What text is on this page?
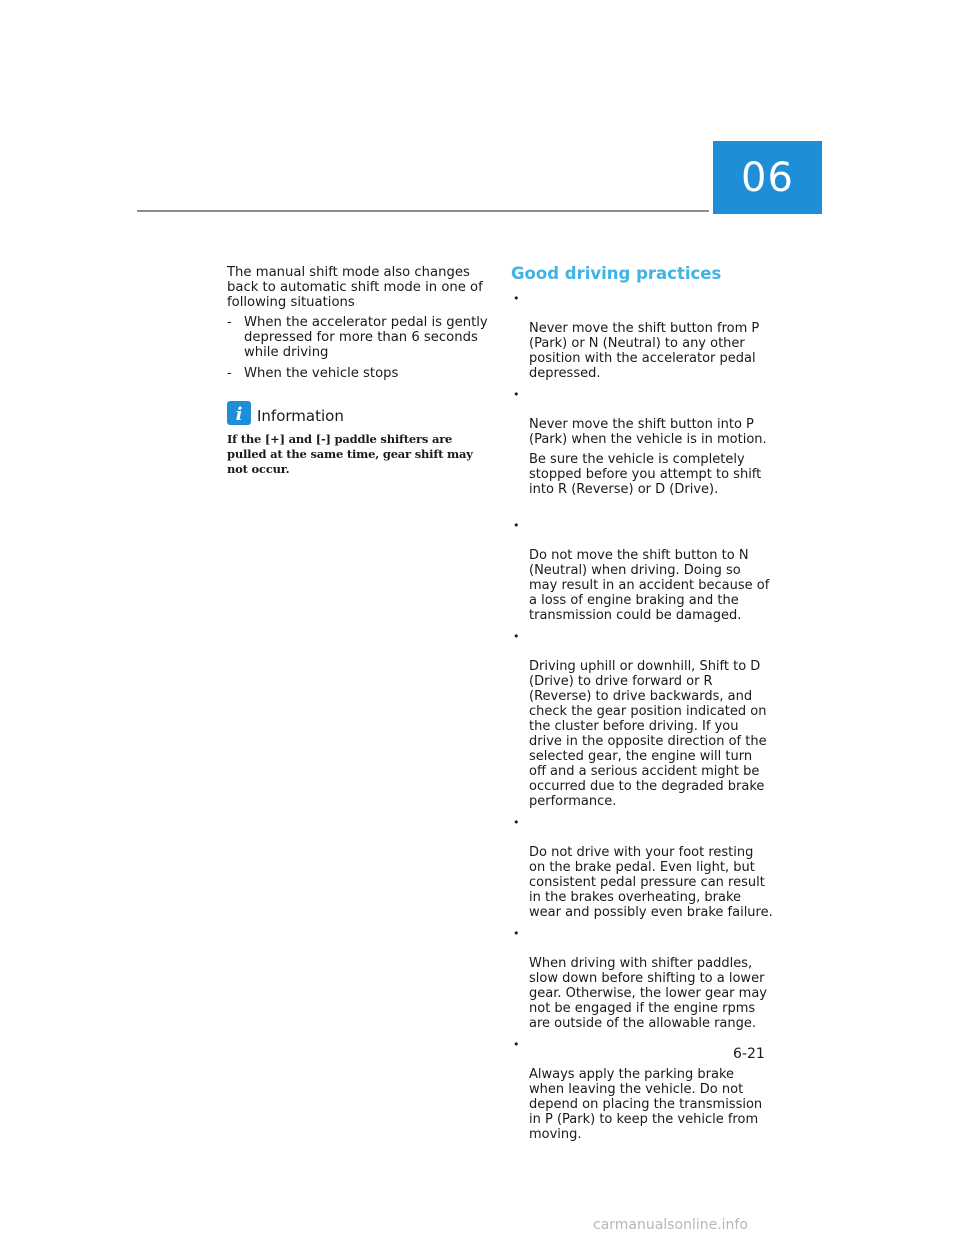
06

The manual shift mode also changes back to automatic shift mode in one of following situations

- When the accelerator pedal is gently depressed for more than 6 seconds while driving
- When the vehicle stops
i Information

If the [+] and [-] paddle shifters are pulled at the same time, gear shift may not occur.

Good driving practices

•

Never move the shift button from P (Park) or N (Neutral) to any other position with the accelerator pedal depressed.

•

Never move the shift button into P (Park) when the vehicle is in motion.

Be sure the vehicle is completely stopped before you attempt to shift into R (Reverse) or D (Drive).

•

Do not move the shift button to N (Neutral) when driving. Doing so may result in an accident because of a loss of engine braking and the transmission could be damaged.

•

Driving uphill or downhill, Shift to D (Drive) to drive forward or R (Reverse) to drive backwards, and check the gear position indicated on the cluster before driving. If you drive in the opposite direction of the selected gear, the engine will turn off and a serious accident might be occurred due to the degraded brake performance.

•

Do not drive with your foot resting on the brake pedal. Even light, but consistent pedal pressure can result in the brakes overheating, brake wear and possibly even brake failure.

•

When driving with shifter paddles, slow down before shifting to a lower gear. Otherwise, the lower gear may not be engaged if the engine rpms are outside of the allowable range.

•

Always apply the parking brake when leaving the vehicle. Do not depend on placing the transmission in P (Park) to keep the vehicle from moving.

6-21
carmanualsonline.info
